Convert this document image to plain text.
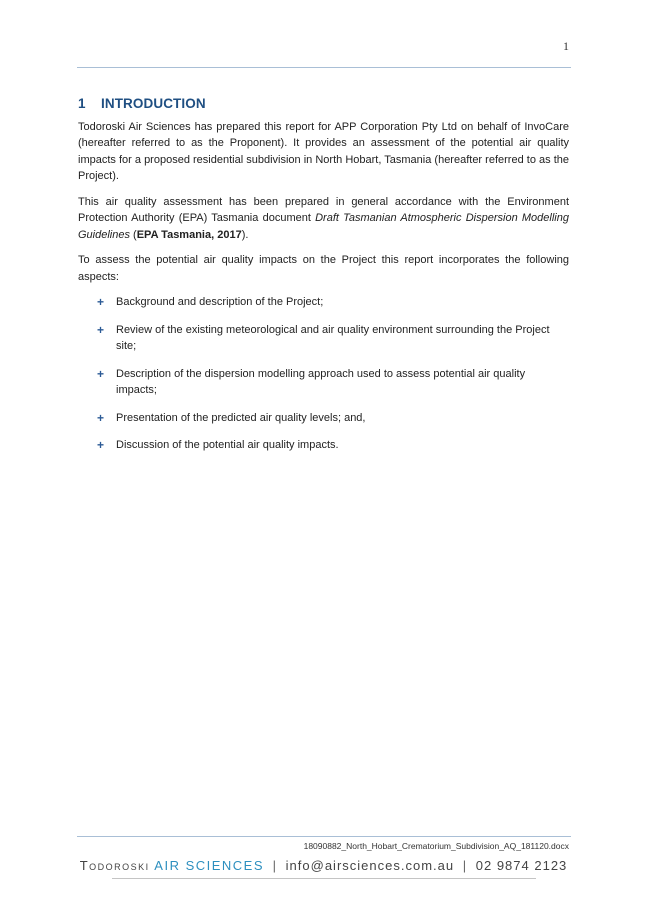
1
1 INTRODUCTION

Todoroski Air Sciences has prepared this report for APP Corporation Pty Ltd on behalf of InvoCare (hereafter referred to as the Proponent). It provides an assessment of the potential air quality impacts for a proposed residential subdivision in North Hobart, Tasmania (hereafter referred to as the Project).

This air quality assessment has been prepared in general accordance with the Environment Protection Authority (EPA) Tasmania document Draft Tasmanian Atmospheric Dispersion Modelling Guidelines (EPA Tasmania, 2017).

To assess the potential air quality impacts on the Project this report incorporates the following aspects:

+ Background and description of the Project;
+ Review of the existing meteorological and air quality environment surrounding the Project site;
+ Description of the dispersion modelling approach used to assess potential air quality impacts;
+ Presentation of the predicted air quality levels; and,
+ Discussion of the potential air quality impacts.
18090882_North_Hobart_Crematorium_Subdivision_AQ_181120.docx
Todoroski AIR SCIENCES | info@airsciences.com.au | 02 9874 2123
